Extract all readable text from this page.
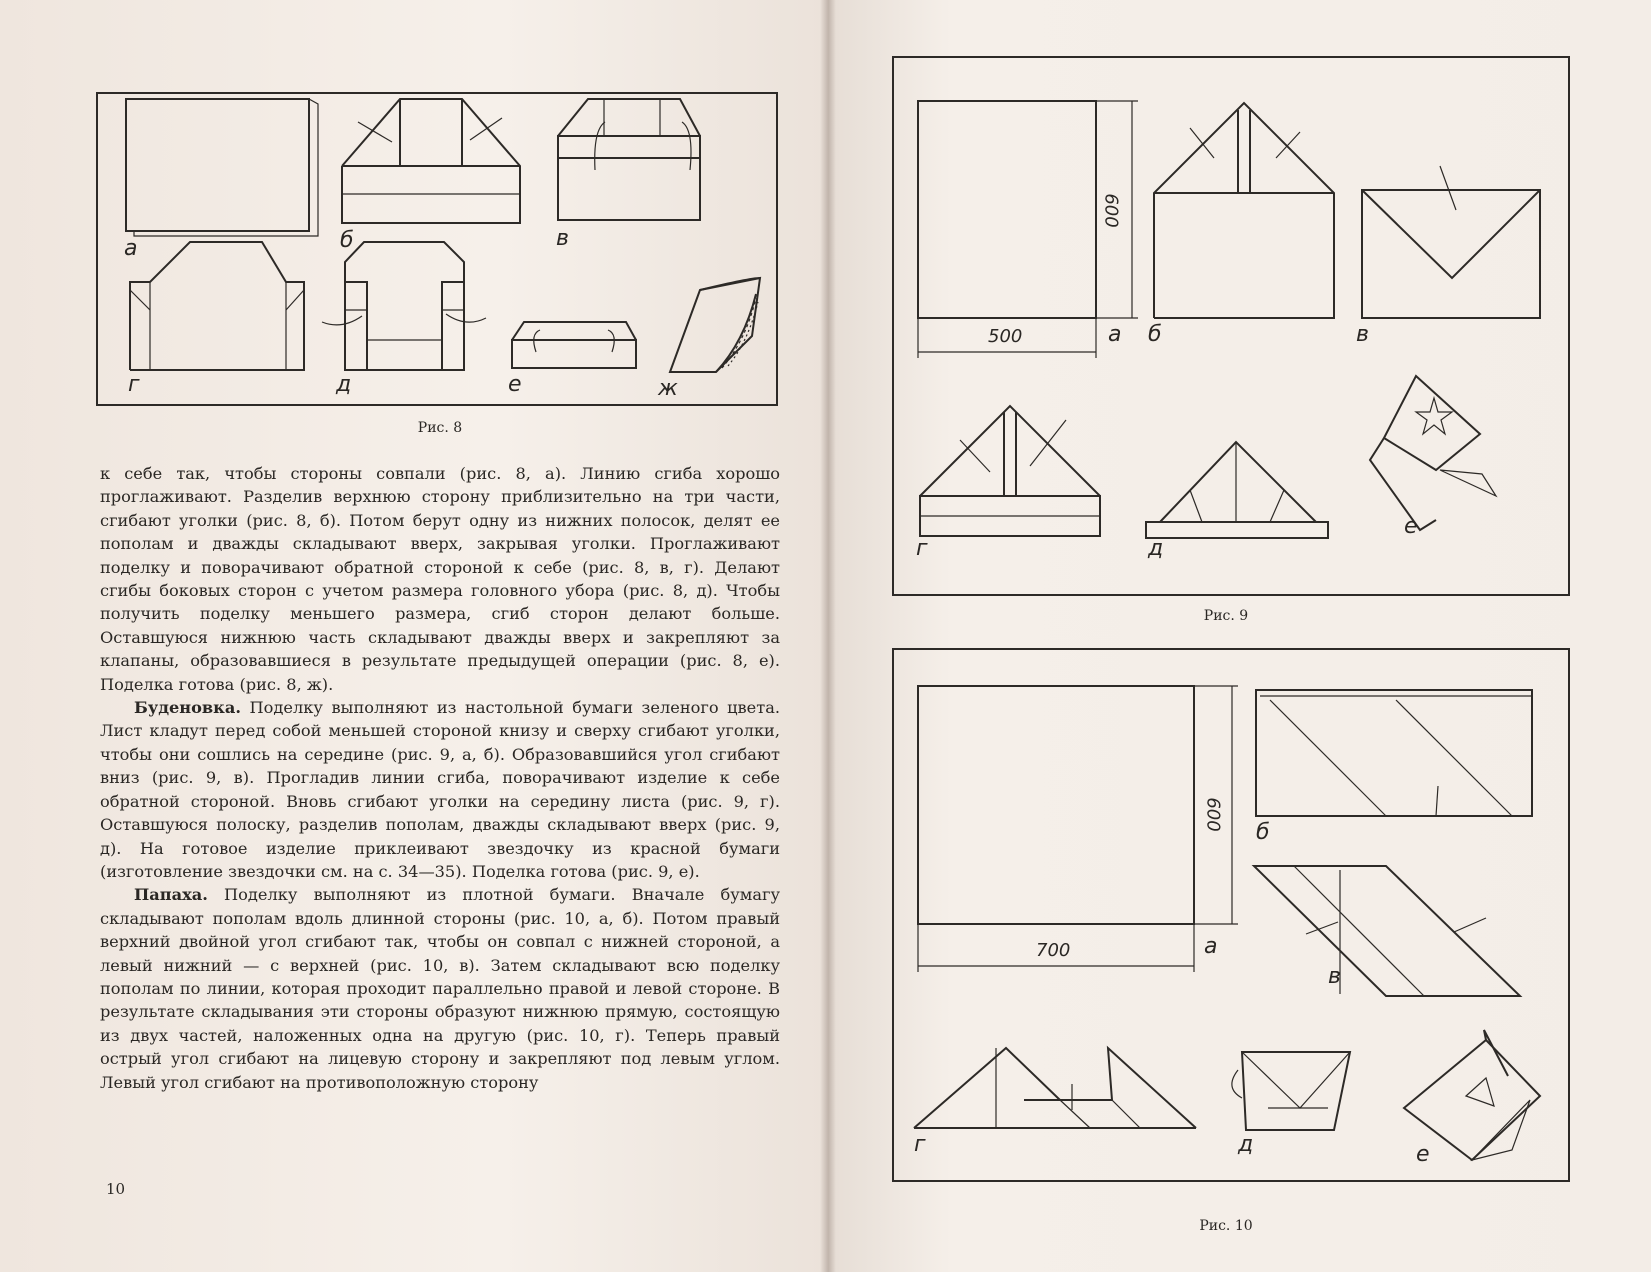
а	б	в
г	д	е	ж
Рис. 8

к себе так, чтобы стороны совпали (рис. 8, а). Линию сгиба хорошо проглаживают. Разделив верхнюю сторону приблизительно на три части, сгибают уголки (рис. 8, б). Потом берут одну из нижних полосок, делят ее пополам и дважды складывают вверх, закрывая уголки. Проглаживают поделку и поворачивают обратной стороной к себе (рис. 8, в, г). Делают сгибы боковых сторон с учетом размера головного убора (рис. 8, д). Чтобы получить поделку меньшего размера, сгиб сторон делают больше. Оставшуюся нижнюю часть складывают дважды вверх и закрепляют за клапаны, образовавшиеся в результате предыдущей операции (рис. 8, е). Поделка готова (рис. 8, ж).

Буденовка. Поделку выполняют из настольной бумаги зеленого цвета. Лист кладут перед собой меньшей стороной книзу и сверху сгибают уголки, чтобы они сошлись на середине (рис. 9, а, б). Образовавшийся угол сгибают вниз (рис. 9, в). Прогладив линии сгиба, поворачивают изделие к себе обратной стороной. Вновь сгибают уголки на середину листа (рис. 9, г). Оставшуюся полоску, разделив пополам, дважды складывают вверх (рис. 9, д). На готовое изделие приклеивают звездочку из красной бумаги (изготовление звездочки см. на с. 34—35). Поделка готова (рис. 9, е).

Папаха. Поделку выполняют из плотной бумаги. Вначале бумагу складывают пополам вдоль длинной стороны (рис. 10, а, б). Потом правый верхний двойной угол сгибают так, чтобы он совпал с нижней стороной, а левый нижний — с верхней (рис. 10, в). Затем складывают всю поделку пополам по линии, которая проходит параллельно правой и левой стороне. В результате складывания эти стороны образуют нижнюю прямую, состоящую из двух частей, наложенных одна на другую (рис. 10, г). Теперь правый острый угол сгибают на лицевую сторону и закрепляют под левым углом. Левый угол сгибают на противоположную сторону

10
600
500	а б	в
г	д
е
Рис. 9
600
700	а
б
в
г	д	е
Рис. 10
